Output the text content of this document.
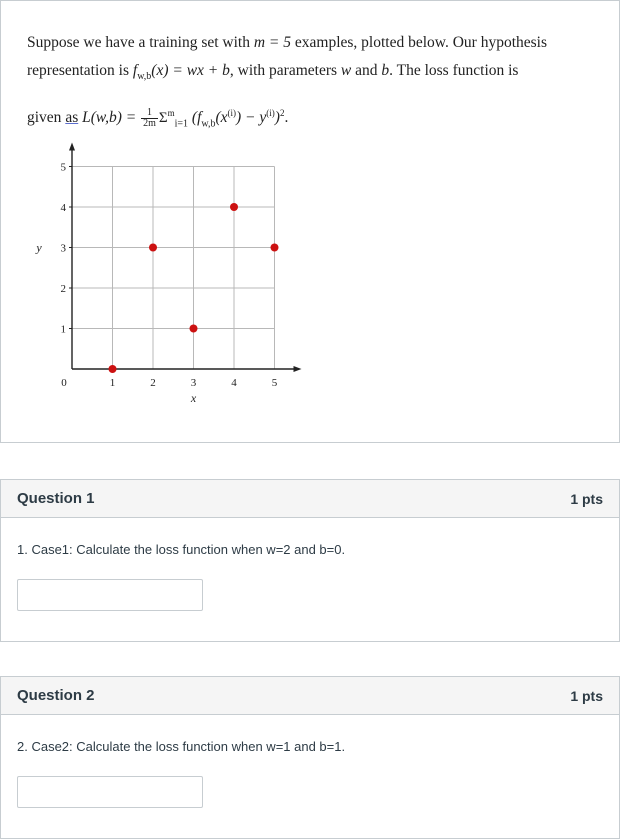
Suppose we have a training set with m = 5 examples, plotted below. Our hypothesis
representation is $f_{w,b}(x)$ = wx + b, with parameters w and b. The loss function is
given as $L(w,b) = \frac{1}{2m} \Sigma^m_{i=1}$ $(f_{w,b}(x^{(i)}) - y^{(i)})^2$.
0	1	2	3	4	5
1
2
3
4
5
x
y
Question 1	1 pts
1. Case1: Calculate the loss function when w=2 and b=0.
Question 2	1 pts
2. Case2: Calculate the loss function when w=1 and b=1.
